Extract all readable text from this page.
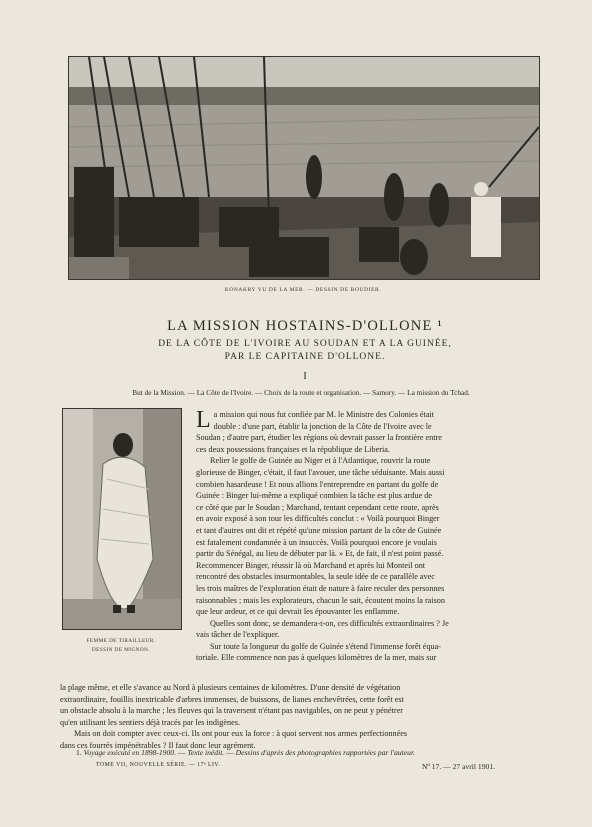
KONAKRY VU DE LA MER. — DESSIN DE BOUDIER.
LA MISSION HOSTAINS-D'OLLONE ¹
DE LA CÔTE DE L'IVOIRE AU SOUDAN ET A LA GUINÉE,
PAR LE CAPITAINE D'OLLONE.
I
But de la Mission. — La Côte de l'Ivoire. — Choix de la route et organisation. — Samory. — La mission du Tchad.
FEMME DE TIRAILLEUR.
DESSIN DE MIGNON.
L a mission qui nous fut confiée par M. le Ministre des Colonies était
double : d'une part, établir la jonction de la Côte de l'Ivoire avec le
Soudan ; d'autre part, étudier les régions où devrait passer la frontière entre
ces deux possessions françaises et la république de Liberia.
Relier le golfe de Guinée au Niger et à l'Atlantique, rouvrir la route
glorieuse de Binger, c'était, il faut l'avouer, une tâche séduisante. Mais aussi
combien hasardeuse ! Et nous allions l'entreprendre en partant du golfe de
Guinée : Binger lui-même a expliqué combien la tâche est plus ardue de
ce côté que par le Soudan ; Marchand, tentant cependant cette route, après
en avoir exposé à son tour les difficultés conclut : « Voilà pourquoi Binger
et tant d'autres ont dit et répété qu'une mission partant de la côte de Guinée
est fatalement condamnée à un insuccès. Voilà pourquoi encore je voulais
partir du Sénégal, au lieu de débuter par là. » Et, de fait, il n'est point passé.
Recommencer Binger, réussir là où Marchand et après lui Monteil ont
rencontré des obstacles insurmontables, la seule idée de ce parallèle avec
les trois maîtres de l'exploration était de nature à faire reculer des personnes
raisonnables ; mais les explorateurs, chacun le sait, écoutent moins la raison
que leur ardeur, et ce qui devrait les épouvanter les enflamme.
Quelles sont donc, se demandera-t-on, ces difficultés extraordinaires ? Je
vais tâcher de l'expliquer.
Sur toute la longueur du golfe de Guinée s'étend l'immense forêt équa-
toriale. Elle commence non pas à quelques kilomètres de la mer, mais sur
la plage même, et elle s'avance au Nord à plusieurs centaines de kilomètres. D'une densité de végétation
extraordinaire, fouillis inextricable d'arbres immenses, de buissons, de lianes enchevêtrées, cette forêt est
un obstacle absolu à la marche ; les fleuves qui la traversent n'étant pas navigables, on ne peut y pénétrer
qu'en utilisant les sentiers déjà tracés par les indigènes.
Mais on doit compter avec ceux-ci. Ils ont pour eux la force : à quoi servent nos armes perfectionnées
dans ces fourrés impénétrables ? Il faut donc leur agrément.
1. Voyage exécuté en 1898-1900. — Texte inédit. — Dessins d'après des photographies rapportées par l'auteur.
TOME VII, NOUVELLE SÉRIE. — 17ᵉ LIV.	Nº 17. — 27 avril 1901.
